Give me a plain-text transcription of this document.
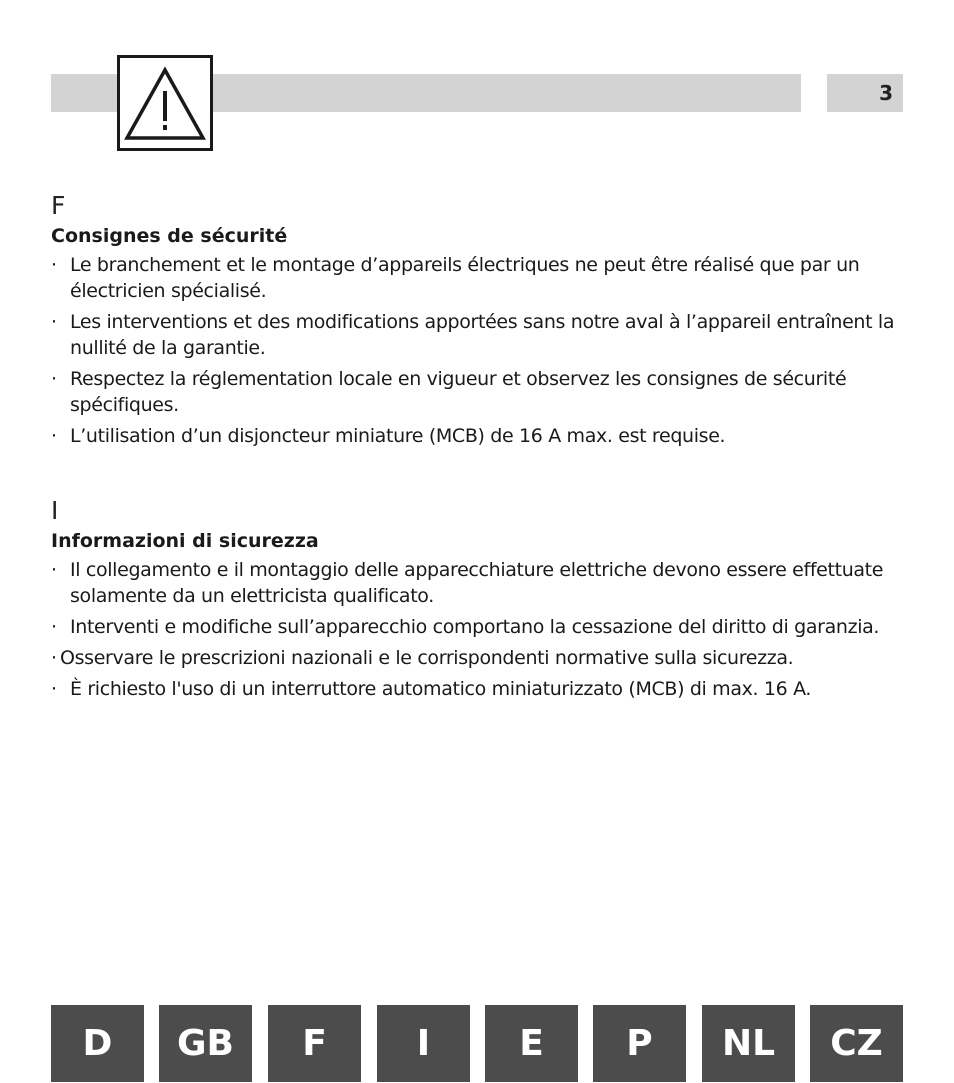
3
F
Consignes de sécurité
· Le branchement et le montage d’appareils électriques ne peut être réalisé que par un électricien spécialisé.
· Les interventions et des modifications apportées sans notre aval à l’appareil entraînent la nullité de la garantie.
· Respectez la réglementation locale en vigueur et observez les consignes de sécurité spécifiques.
· L’utilisation d’un disjoncteur miniature (MCB) de 16 A max. est requise.
I
Informazioni di sicurezza
· Il collegamento e il montaggio delle apparecchiature elettriche devono essere effettuate solamente da un elettricista qualificato.
· Interventi e modifiche sull’apparecchio comportano la cessazione del diritto di garanzia.
· Osservare le prescrizioni nazionali e le corrispondenti normative sulla sicurezza.
· È richiesto l'uso di un interruttore automatico miniaturizzato (MCB) di max. 16 A.
D	GB	F	I	E	P	NL	CZ
